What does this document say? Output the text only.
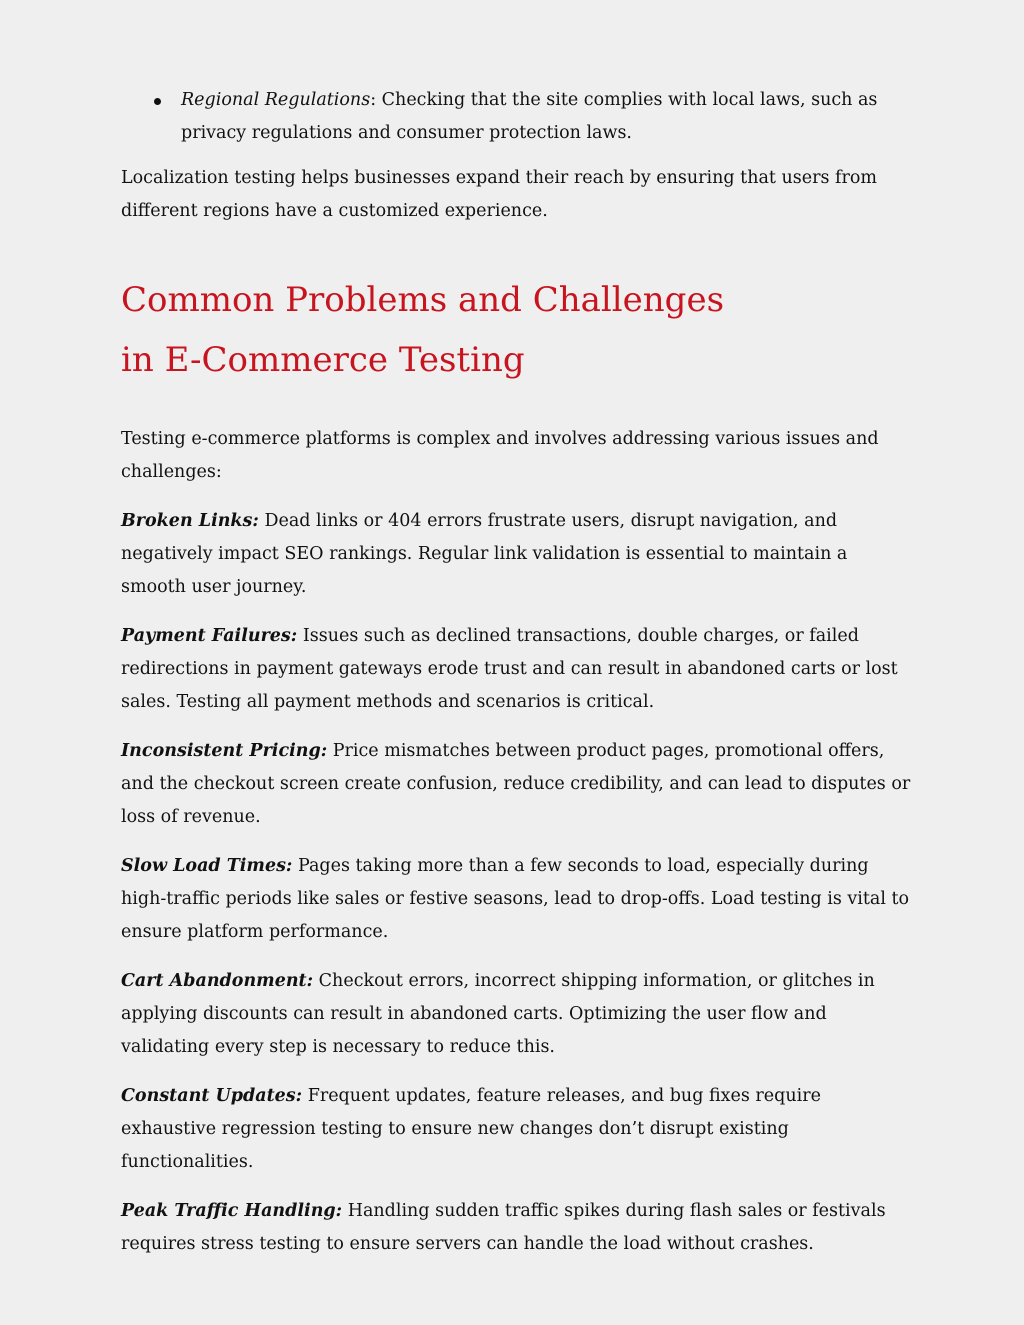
Regional Regulations: Checking that the site complies with local laws, such as privacy regulations and consumer protection laws.

Localization testing helps businesses expand their reach by ensuring that users from different regions have a customized experience.

Common Problems and Challenges in E-Commerce Testing

Testing e-commerce platforms is complex and involves addressing various issues and challenges:

Broken Links: Dead links or 404 errors frustrate users, disrupt navigation, and negatively impact SEO rankings. Regular link validation is essential to maintain a smooth user journey.

Payment Failures: Issues such as declined transactions, double charges, or failed redirections in payment gateways erode trust and can result in abandoned carts or lost sales. Testing all payment methods and scenarios is critical.

Inconsistent Pricing: Price mismatches between product pages, promotional offers, and the checkout screen create confusion, reduce credibility, and can lead to disputes or loss of revenue.

Slow Load Times: Pages taking more than a few seconds to load, especially during high-traffic periods like sales or festive seasons, lead to drop-offs. Load testing is vital to ensure platform performance.

Cart Abandonment: Checkout errors, incorrect shipping information, or glitches in applying discounts can result in abandoned carts. Optimizing the user flow and validating every step is necessary to reduce this.

Constant Updates: Frequent updates, feature releases, and bug fixes require exhaustive regression testing to ensure new changes don’t disrupt existing functionalities.

Peak Traffic Handling: Handling sudden traffic spikes during flash sales or festivals requires stress testing to ensure servers can handle the load without crashes.
